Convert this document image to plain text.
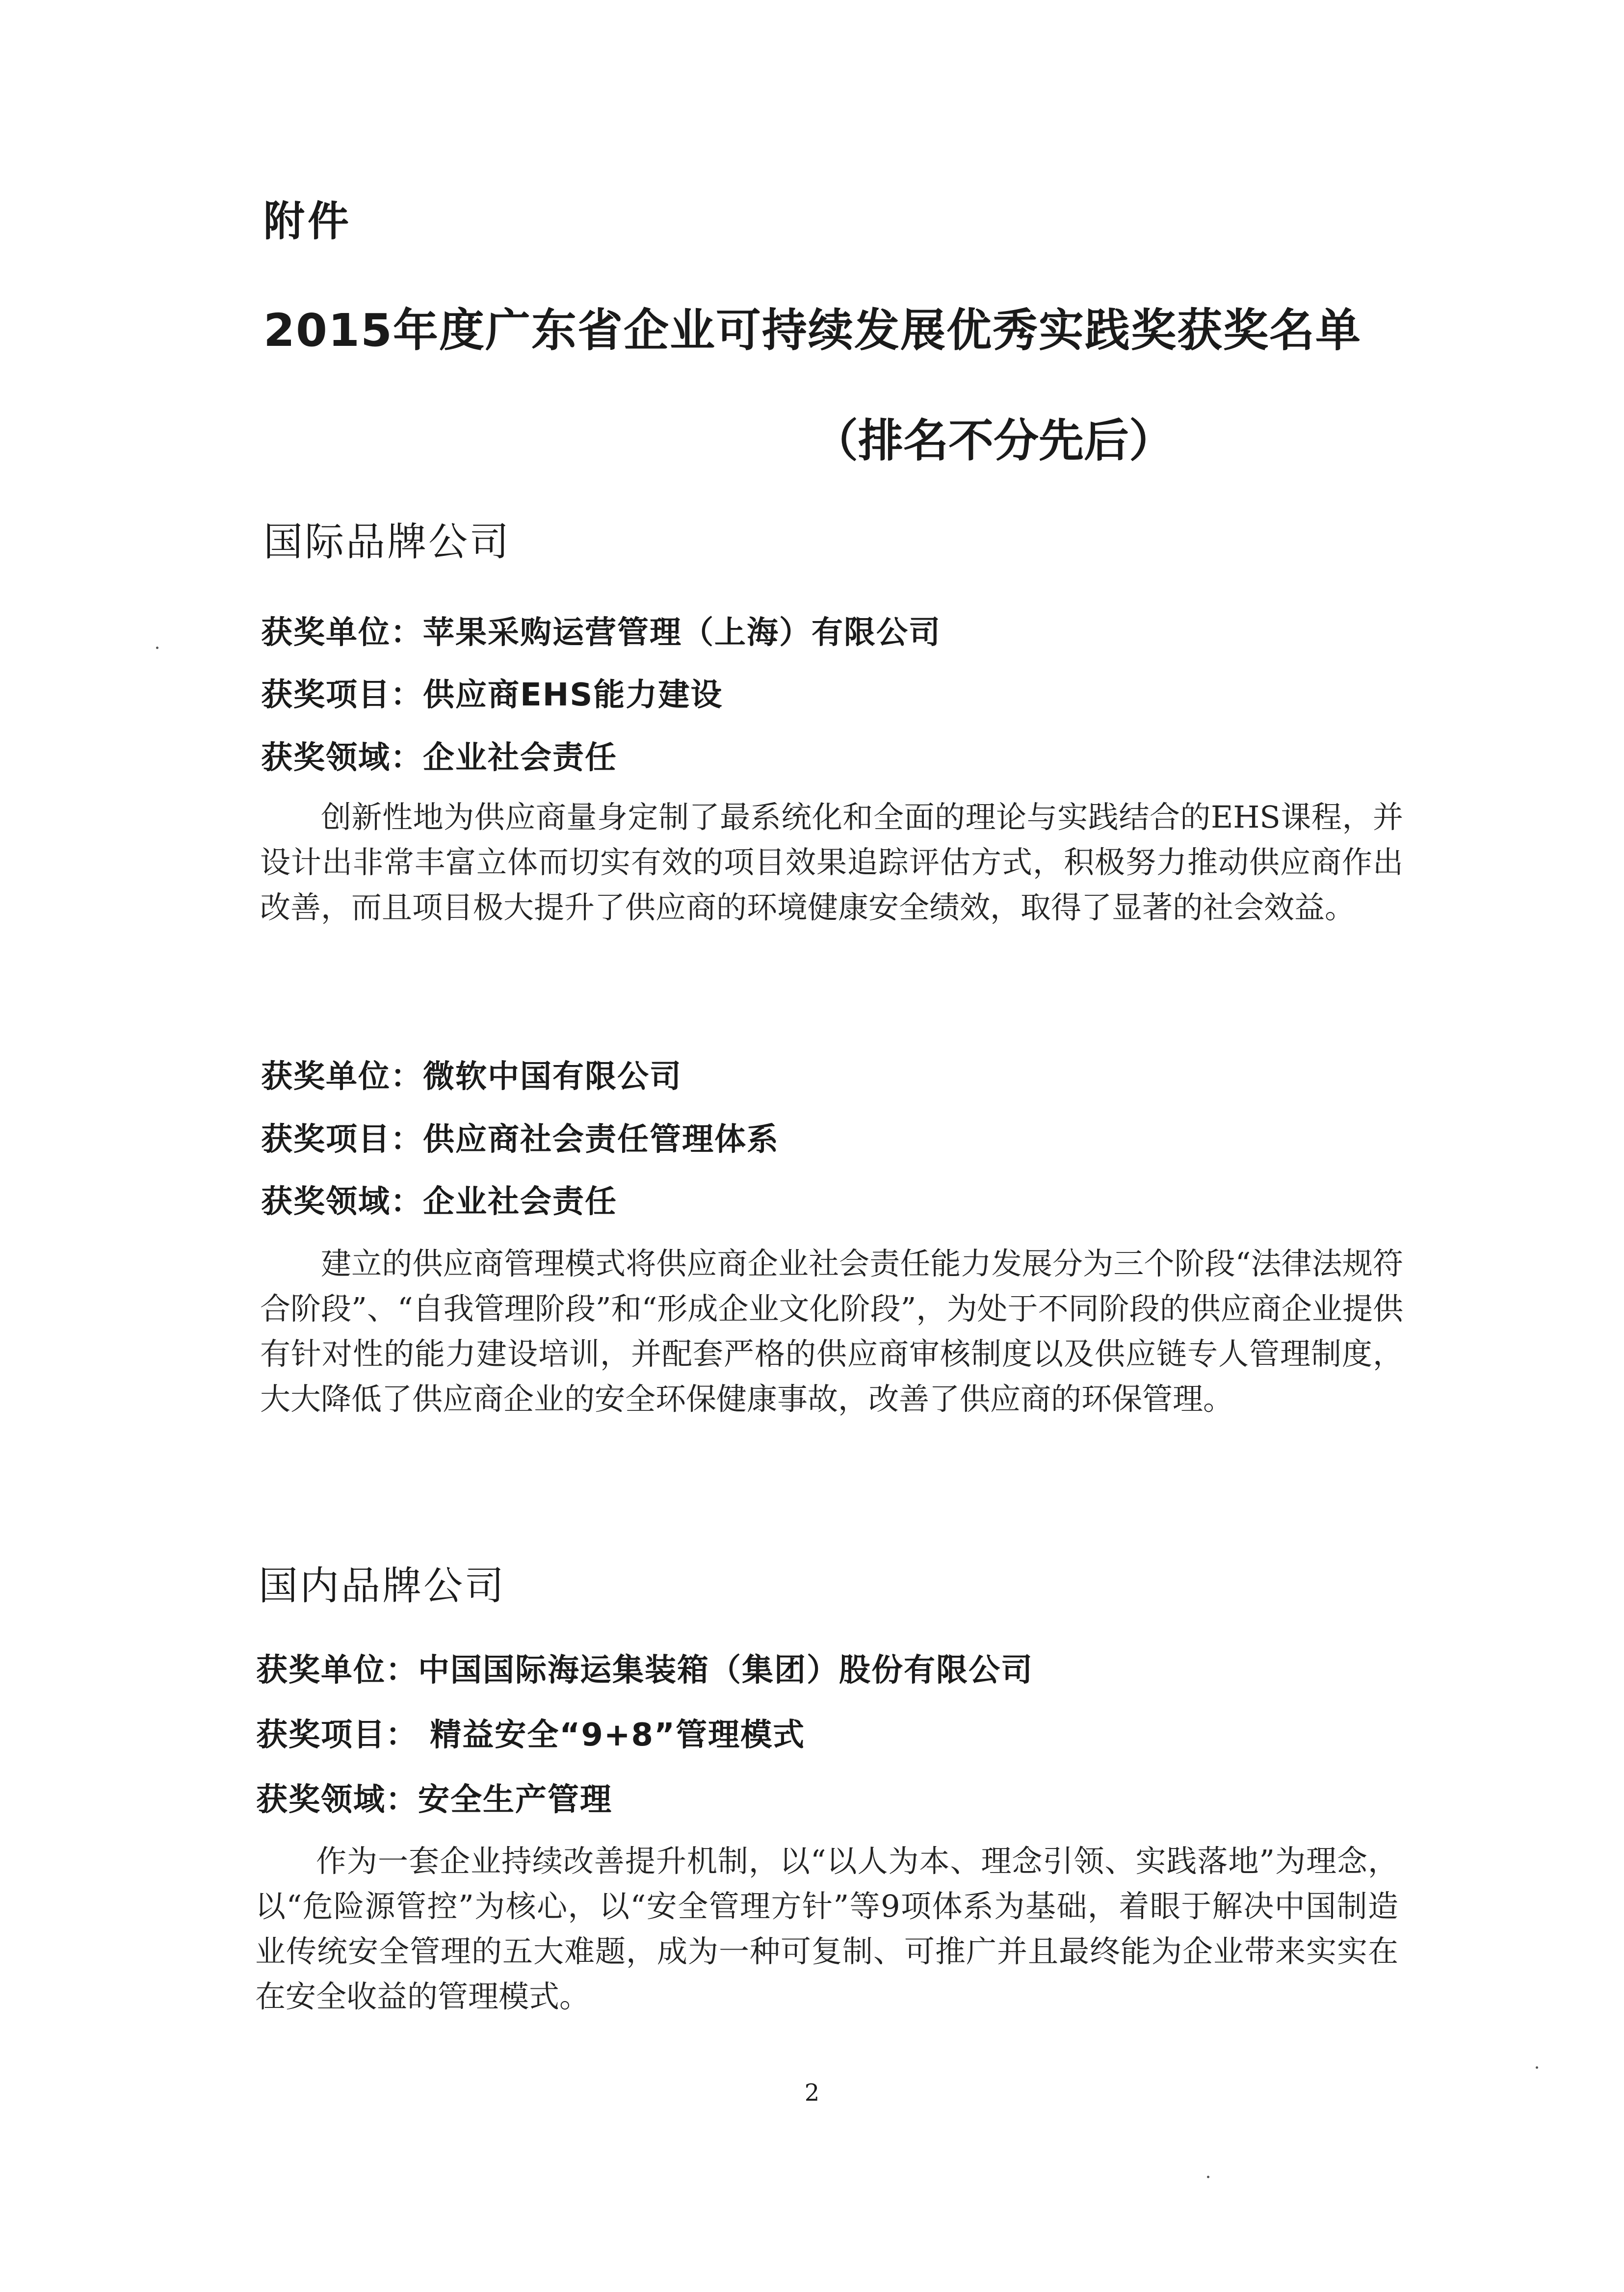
附件
2015年度广东省企业可持续发展优秀实践奖获奖名单
（排名不分先后）
国际品牌公司
获奖单位：苹果采购运营管理（上海）有限公司
获奖项目：供应商EHS能力建设
获奖领域：企业社会责任
创新性地为供应商量身定制了最系统化和全面的理论与实践结合的EHS课程，并设计出非常丰富立体而切实有效的项目效果追踪评估方式，积极努力推动供应商作出改善，而且项目极大提升了供应商的环境健康安全绩效，取得了显著的社会效益。
获奖单位：微软中国有限公司
获奖项目：供应商社会责任管理体系
获奖领域：企业社会责任
建立的供应商管理模式将供应商企业社会责任能力发展分为三个阶段“法律法规符合阶段”、“自我管理阶段”和“形成企业文化阶段”，为处于不同阶段的供应商企业提供有针对性的能力建设培训，并配套严格的供应商审核制度以及供应链专人管理制度，大大降低了供应商企业的安全环保健康事故，改善了供应商的环保管理。
国内品牌公司
获奖单位：中国国际海运集装箱（集团）股份有限公司
获奖项目： 精益安全“9+8”管理模式
获奖领域：安全生产管理
作为一套企业持续改善提升机制，以“以人为本、理念引领、实践落地”为理念，以“危险源管控”为核心，以“安全管理方针”等9项体系为基础，着眼于解决中国制造业传统安全管理的五大难题，成为一种可复制、可推广并且最终能为企业带来实实在在安全收益的管理模式。
2
